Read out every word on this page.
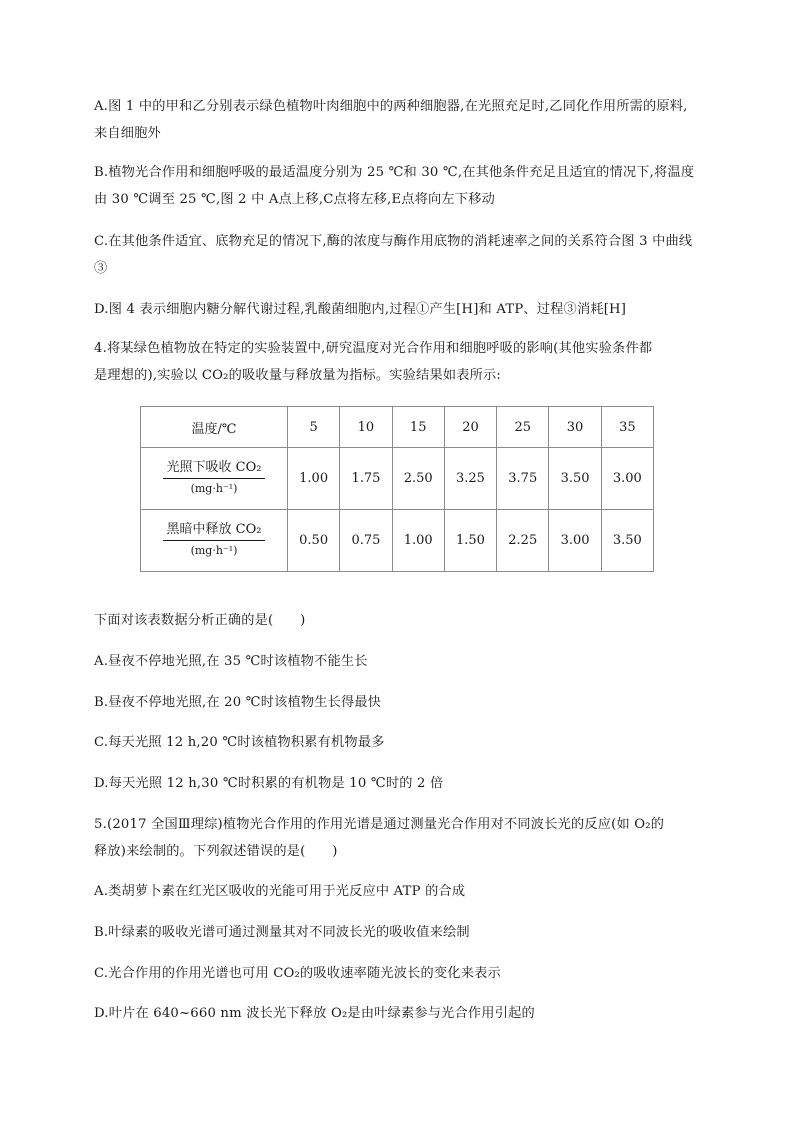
A.图 1 中的甲和乙分别表示绿色植物叶肉细胞中的两种细胞器,在光照充足时,乙同化作用所需的原料,来自细胞外
B.植物光合作用和细胞呼吸的最适温度分别为 25 ℃和 30 ℃,在其他条件充足且适宜的情况下,将温度由 30 ℃调至 25 ℃,图 2 中 A点上移,C点将左移,E点将向左下移动
C.在其他条件适宜、底物充足的情况下,酶的浓度与酶作用底物的消耗速率之间的关系符合图 3 中曲线③
D.图 4 表示细胞内糖分解代谢过程,乳酸菌细胞内,过程①产生[H]和 ATP、过程③消耗[H]
4.将某绿色植物放在特定的实验装置中,研究温度对光合作用和细胞呼吸的影响(其他实验条件都
是理想的),实验以 CO₂的吸收量与释放量为指标。实验结果如表所示:
温度/℃	5	10	15	20	25	30	35

$\frac{\text{光照下吸收 CO₂}}{\text{(mg·h⁻¹)}}$	1.00	1.75	2.50	3.25	3.75	3.50	3.00

$\frac{\text{黑暗中释放 CO₂}}{\text{(mg·h⁻¹)}}$	0.50	0.75	1.00	1.50	2.25	3.00	3.50
下面对该表数据分析正确的是(　　)
A.昼夜不停地光照,在 35 ℃时该植物不能生长
B.昼夜不停地光照,在 20 ℃时该植物生长得最快
C.每天光照 12 h,20 ℃时该植物积累有机物最多
D.每天光照 12 h,30 ℃时积累的有机物是 10 ℃时的 2 倍
5.(2017 全国Ⅲ理综)植物光合作用的作用光谱是通过测量光合作用对不同波长光的反应(如 O₂的
释放)来绘制的。下列叙述错误的是(　　)
A.类胡萝卜素在红光区吸收的光能可用于光反应中 ATP 的合成
B.叶绿素的吸收光谱可通过测量其对不同波长光的吸收值来绘制
C.光合作用的作用光谱也可用 CO₂的吸收速率随光波长的变化来表示
D.叶片在 640~660 nm 波长光下释放 O₂是由叶绿素参与光合作用引起的
